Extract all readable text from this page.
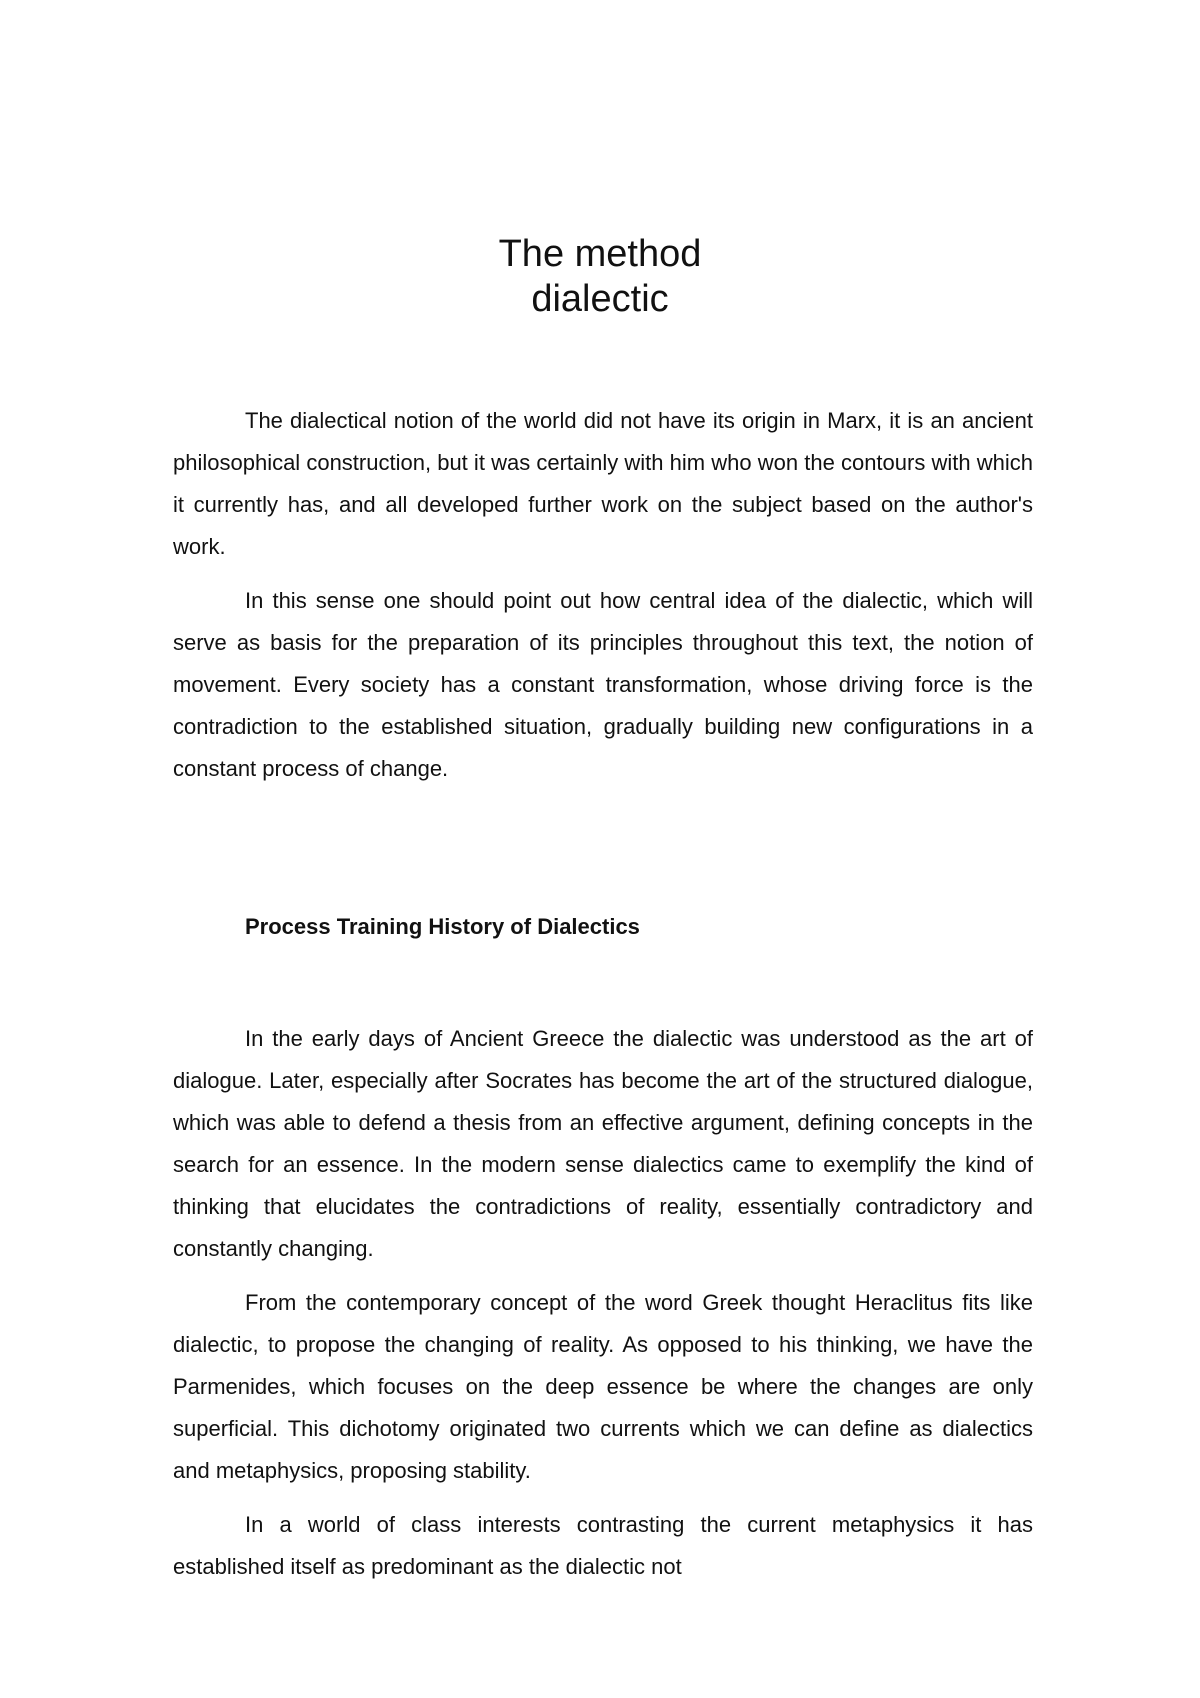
The method
dialectic

The dialectical notion of the world did not have its origin in Marx, it is an ancient philosophical construction, but it was certainly with him who won the contours with which it currently has, and all developed further work on the subject based on the author's work.

In this sense one should point out how central idea of the dialectic, which will serve as basis for the preparation of its principles throughout this text, the notion of movement. Every society has a constant transformation, whose driving force is the contradiction to the established situation, gradually building new configurations in a constant process of change.

Process Training History of Dialectics

In the early days of Ancient Greece the dialectic was understood as the art of dialogue. Later, especially after Socrates has become the art of the structured dialogue, which was able to defend a thesis from an effective argument, defining concepts in the search for an essence. In the modern sense dialectics came to exemplify the kind of thinking that elucidates the contradictions of reality, essentially contradictory and constantly changing.

From the contemporary concept of the word Greek thought Heraclitus fits like dialectic, to propose the changing of reality. As opposed to his thinking, we have the Parmenides, which focuses on the deep essence be where the changes are only superficial. This dichotomy originated two currents which we can define as dialectics and metaphysics, proposing stability.

In a world of class interests contrasting the current metaphysics it has established itself as predominant as the dialectic not
